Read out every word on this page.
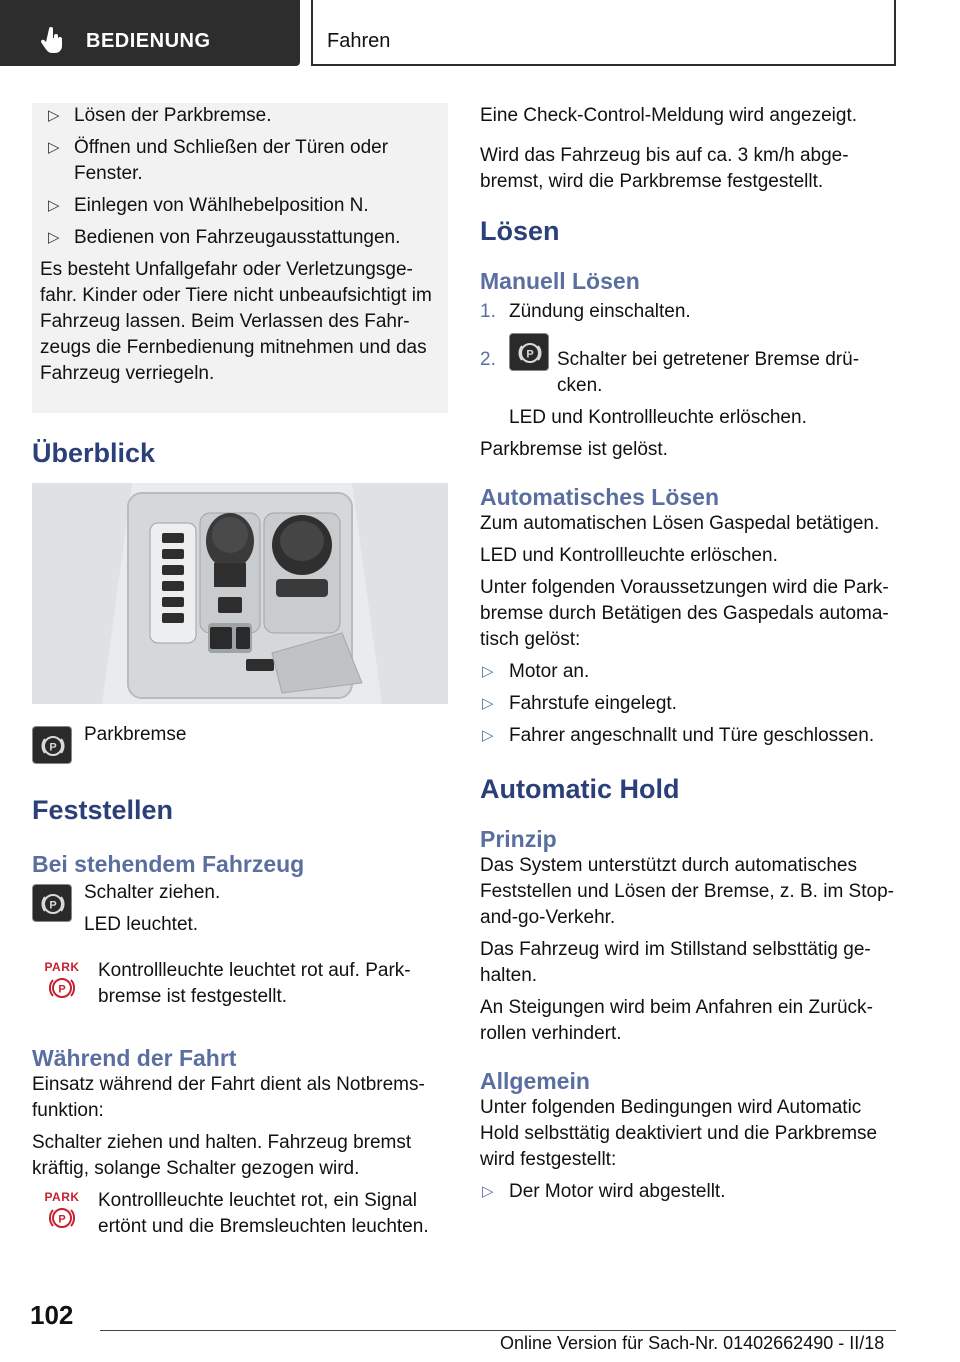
BEDIENUNG	Fahren
▷ Lösen der Parkbremse.
▷ Öffnen und Schließen der Türen oder Fenster.
▷ Einlegen von Wählhebelposition N.
▷ Bedienen von Fahrzeugausstattungen.
Es besteht Unfallgefahr oder Verletzungsgefahr. Kinder oder Tiere nicht unbeaufsichtigt im Fahrzeug lassen. Beim Verlassen des Fahrzeugs die Fernbedienung mitnehmen und das Fahrzeug verriegeln.
Überblick
P
Parkbremse
Feststellen
Bei stehendem Fahrzeug
P
Schalter ziehen.
LED leuchtet.
PARK
P
Kontrollleuchte leuchtet rot auf. Parkbremse ist festgestellt.
Während der Fahrt
Einsatz während der Fahrt dient als Notbremsfunktion:
Schalter ziehen und halten. Fahrzeug bremst kräftig, solange Schalter gezogen wird.
PARK
P
Kontrollleuchte leuchtet rot, ein Signal ertönt und die Bremsleuchten leuchten.
Eine Check-Control-Meldung wird angezeigt.
Wird das Fahrzeug bis auf ca. 3 km/h abgebremst, wird die Parkbremse festgestellt.
Lösen
Manuell Lösen
1. Zündung einschalten.
2.	P Schalter bei getretener Bremse drücken.
LED und Kontrollleuchte erlöschen.
Parkbremse ist gelöst.
Automatisches Lösen
Zum automatischen Lösen Gaspedal betätigen.
LED und Kontrollleuchte erlöschen.
Unter folgenden Voraussetzungen wird die Parkbremse durch Betätigen des Gaspedals automatisch gelöst:
▷ Motor an.
▷ Fahrstufe eingelegt.
▷ Fahrer angeschnallt und Türe geschlossen.
Automatic Hold
Prinzip
Das System unterstützt durch automatisches Feststellen und Lösen der Bremse, z. B. im Stop-and-go-Verkehr.
Das Fahrzeug wird im Stillstand selbsttätig gehalten.
An Steigungen wird beim Anfahren ein Zurückrollen verhindert.
Allgemein
Unter folgenden Bedingungen wird Automatic Hold selbsttätig deaktiviert und die Parkbremse wird festgestellt:
▷ Der Motor wird abgestellt.
102
Online Version für Sach-Nr. 01402662490 - II/18
